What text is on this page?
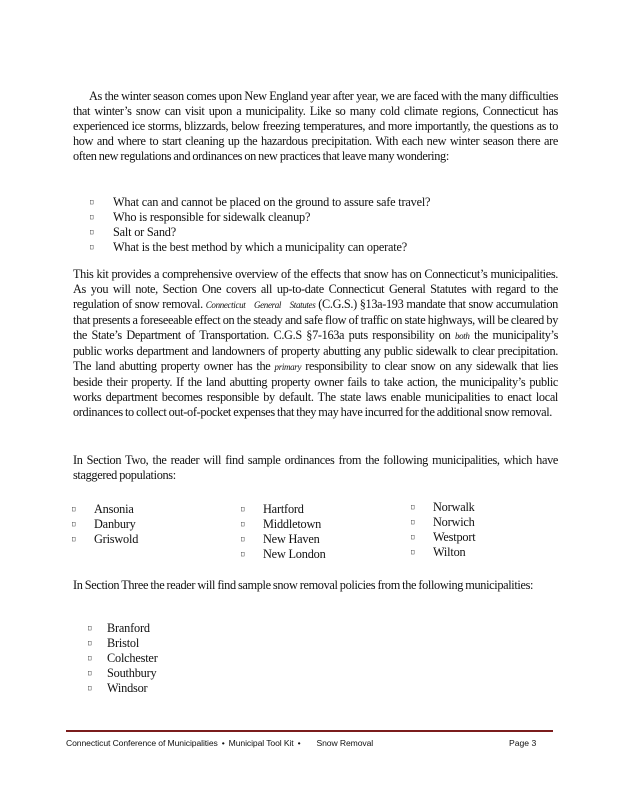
As the winter season comes upon New England year after year, we are faced with the many difficulties that winter’s snow can visit upon a municipality. Like so many cold climate regions, Connecticut has experienced ice storms, blizzards, below freezing temperatures, and more importantly, the questions as to how and where to start cleaning up the hazardous precipitation. With each new winter season there are often new regulations and ordinances on new practices that leave many wondering:

What can and cannot be placed on the ground to assure safe travel?
Who is responsible for sidewalk cleanup?
Salt or Sand?
What is the best method by which a municipality can operate?

This kit provides a comprehensive overview of the effects that snow has on Connecticut’s municipalities. As you will note, Section One covers all up-to-date Connecticut General Statutes with regard to the regulation of snow removal. Connecticut General Statutes (C.G.S.) §13a-193 mandate that snow accumulation that presents a foreseeable effect on the steady and safe flow of traffic on state highways, will be cleared by the State’s Department of Transportation. C.G.S §7-163a puts responsibility on both the municipality’s public works department and landowners of property abutting any public sidewalk to clear precipitation. The land abutting property owner has the primary responsibility to clear snow on any sidewalk that lies beside their property. If the land abutting property owner fails to take action, the municipality’s public works department becomes responsible by default. The state laws enable municipalities to enact local ordinances to collect out-of-pocket expenses that they may have incurred for the additional snow removal.

In Section Two, the reader will find sample ordinances from the following municipalities, which have staggered populations:

Ansonia
Danbury
Griswold
Hartford
Middletown
New Haven
New London
Norwalk
Norwich
Westport
Wilton

In Section Three the reader will find sample snow removal policies from the following municipalities:

Branford
Bristol
Colchester
Southbury
Windsor
Connecticut Conference of Municipalities • Municipal Tool Kit • Snow Removal	Page 3
